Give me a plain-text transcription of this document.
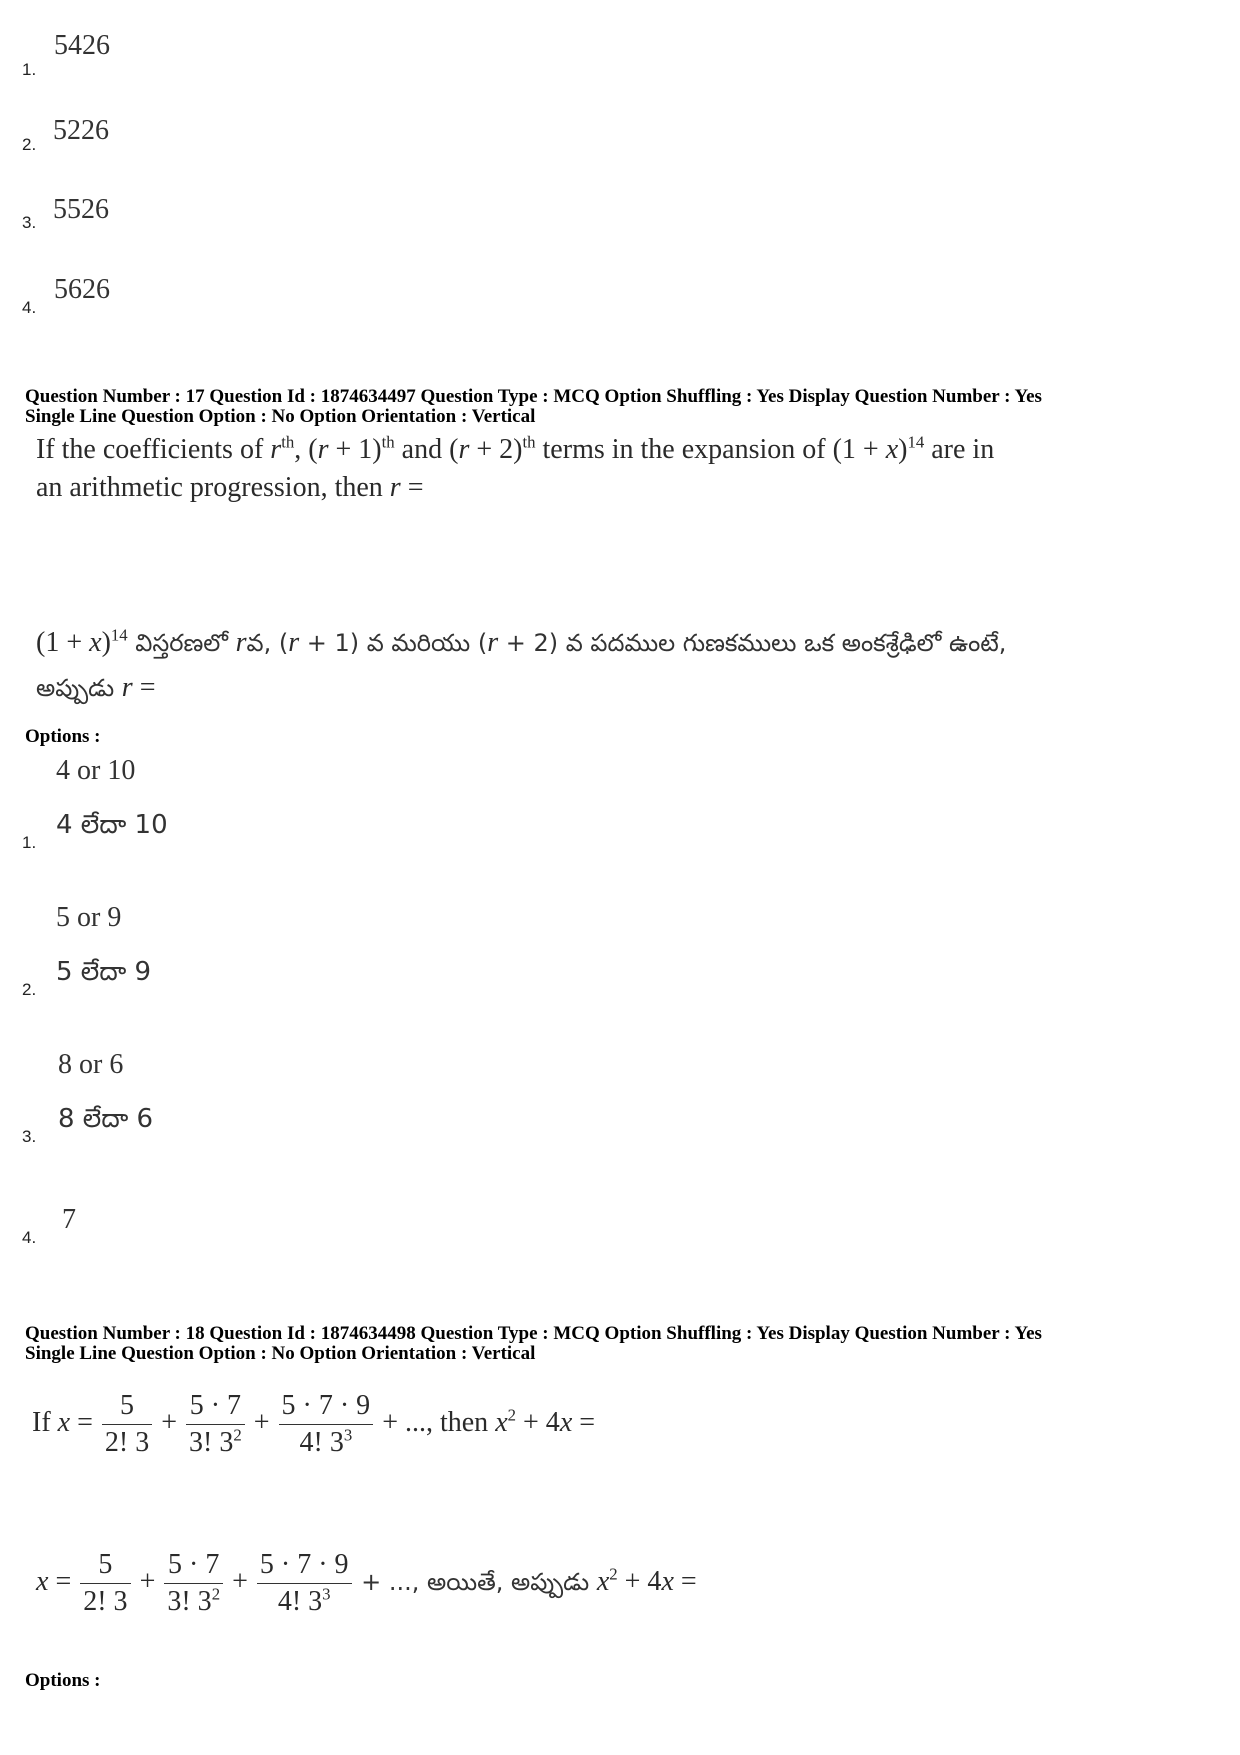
5426
1.
5226
2.
5526
3.
5626
4.
Question Number : 17 Question Id : 1874634497 Question Type : MCQ Option Shuffling : Yes Display Question Number : Yes
Single Line Question Option : No Option Orientation : Vertical
If the coefficients of $r^{th}$, $(r + 1)^{th}$ and $(r + 2)^{th}$ terms in the expansion of $(1 + x)^{14}$ are in
an arithmetic progression, then r =
$(1 + x)^{14}$ విస్తరణలో rవ, (r + 1) వ మరియు (r + 2) వ పదముల గుణకములు ఒక అంకశ్రేఢిలో ఉంటే,
అప్పుడు r =
Options :
4 or 10
4 లేదా 10
1.
5 or 9
5 లేదా 9
2.
8 or 6
8 లేదా 6
3.
7
4.
Question Number : 18 Question Id : 1874634498 Question Type : MCQ Option Shuffling : Yes Display Question Number : Yes
Single Line Question Option : No Option Orientation : Vertical
If $x = \frac{5}{2! 3} + \frac{5 \cdot 7}{3! 3^2} + \frac{5 \cdot 7 \cdot 9}{4! 3^3}$ + ..., then $x^2 + 4x$ =
$x = \frac{5}{2! 3} + \frac{5 \cdot 7}{3! 3^2} + \frac{5 \cdot 7 \cdot 9}{4! 3^3}$ + ..., అయితే, అప్పుడు $x^2 + 4x$ =
Options :
